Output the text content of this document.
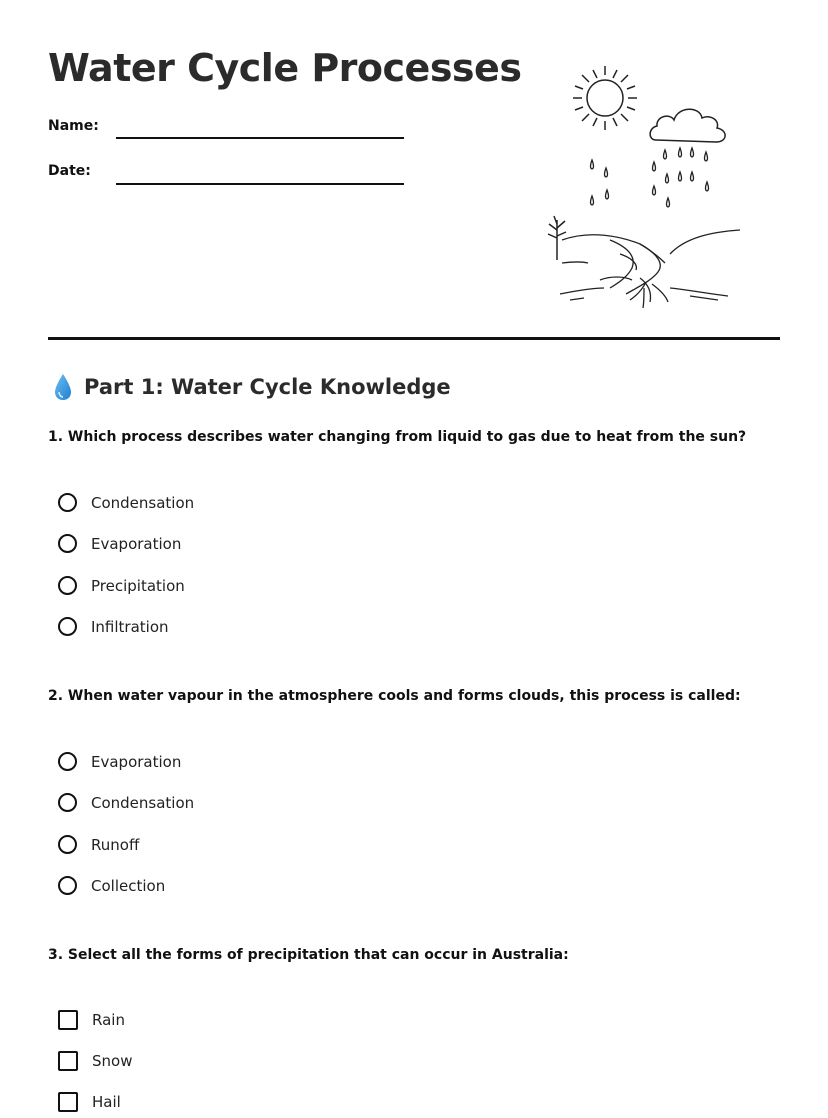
Water Cycle Processes
Name:
Date:
Part 1: Water Cycle Knowledge
1. Which process describes water changing from liquid to gas due to heat from the sun?
Condensation
Evaporation
Precipitation
Infiltration
2. When water vapour in the atmosphere cools and forms clouds, this process is called:
Evaporation
Condensation
Runoff
Collection
3. Select all the forms of precipitation that can occur in Australia:
Rain
Snow
Hail
